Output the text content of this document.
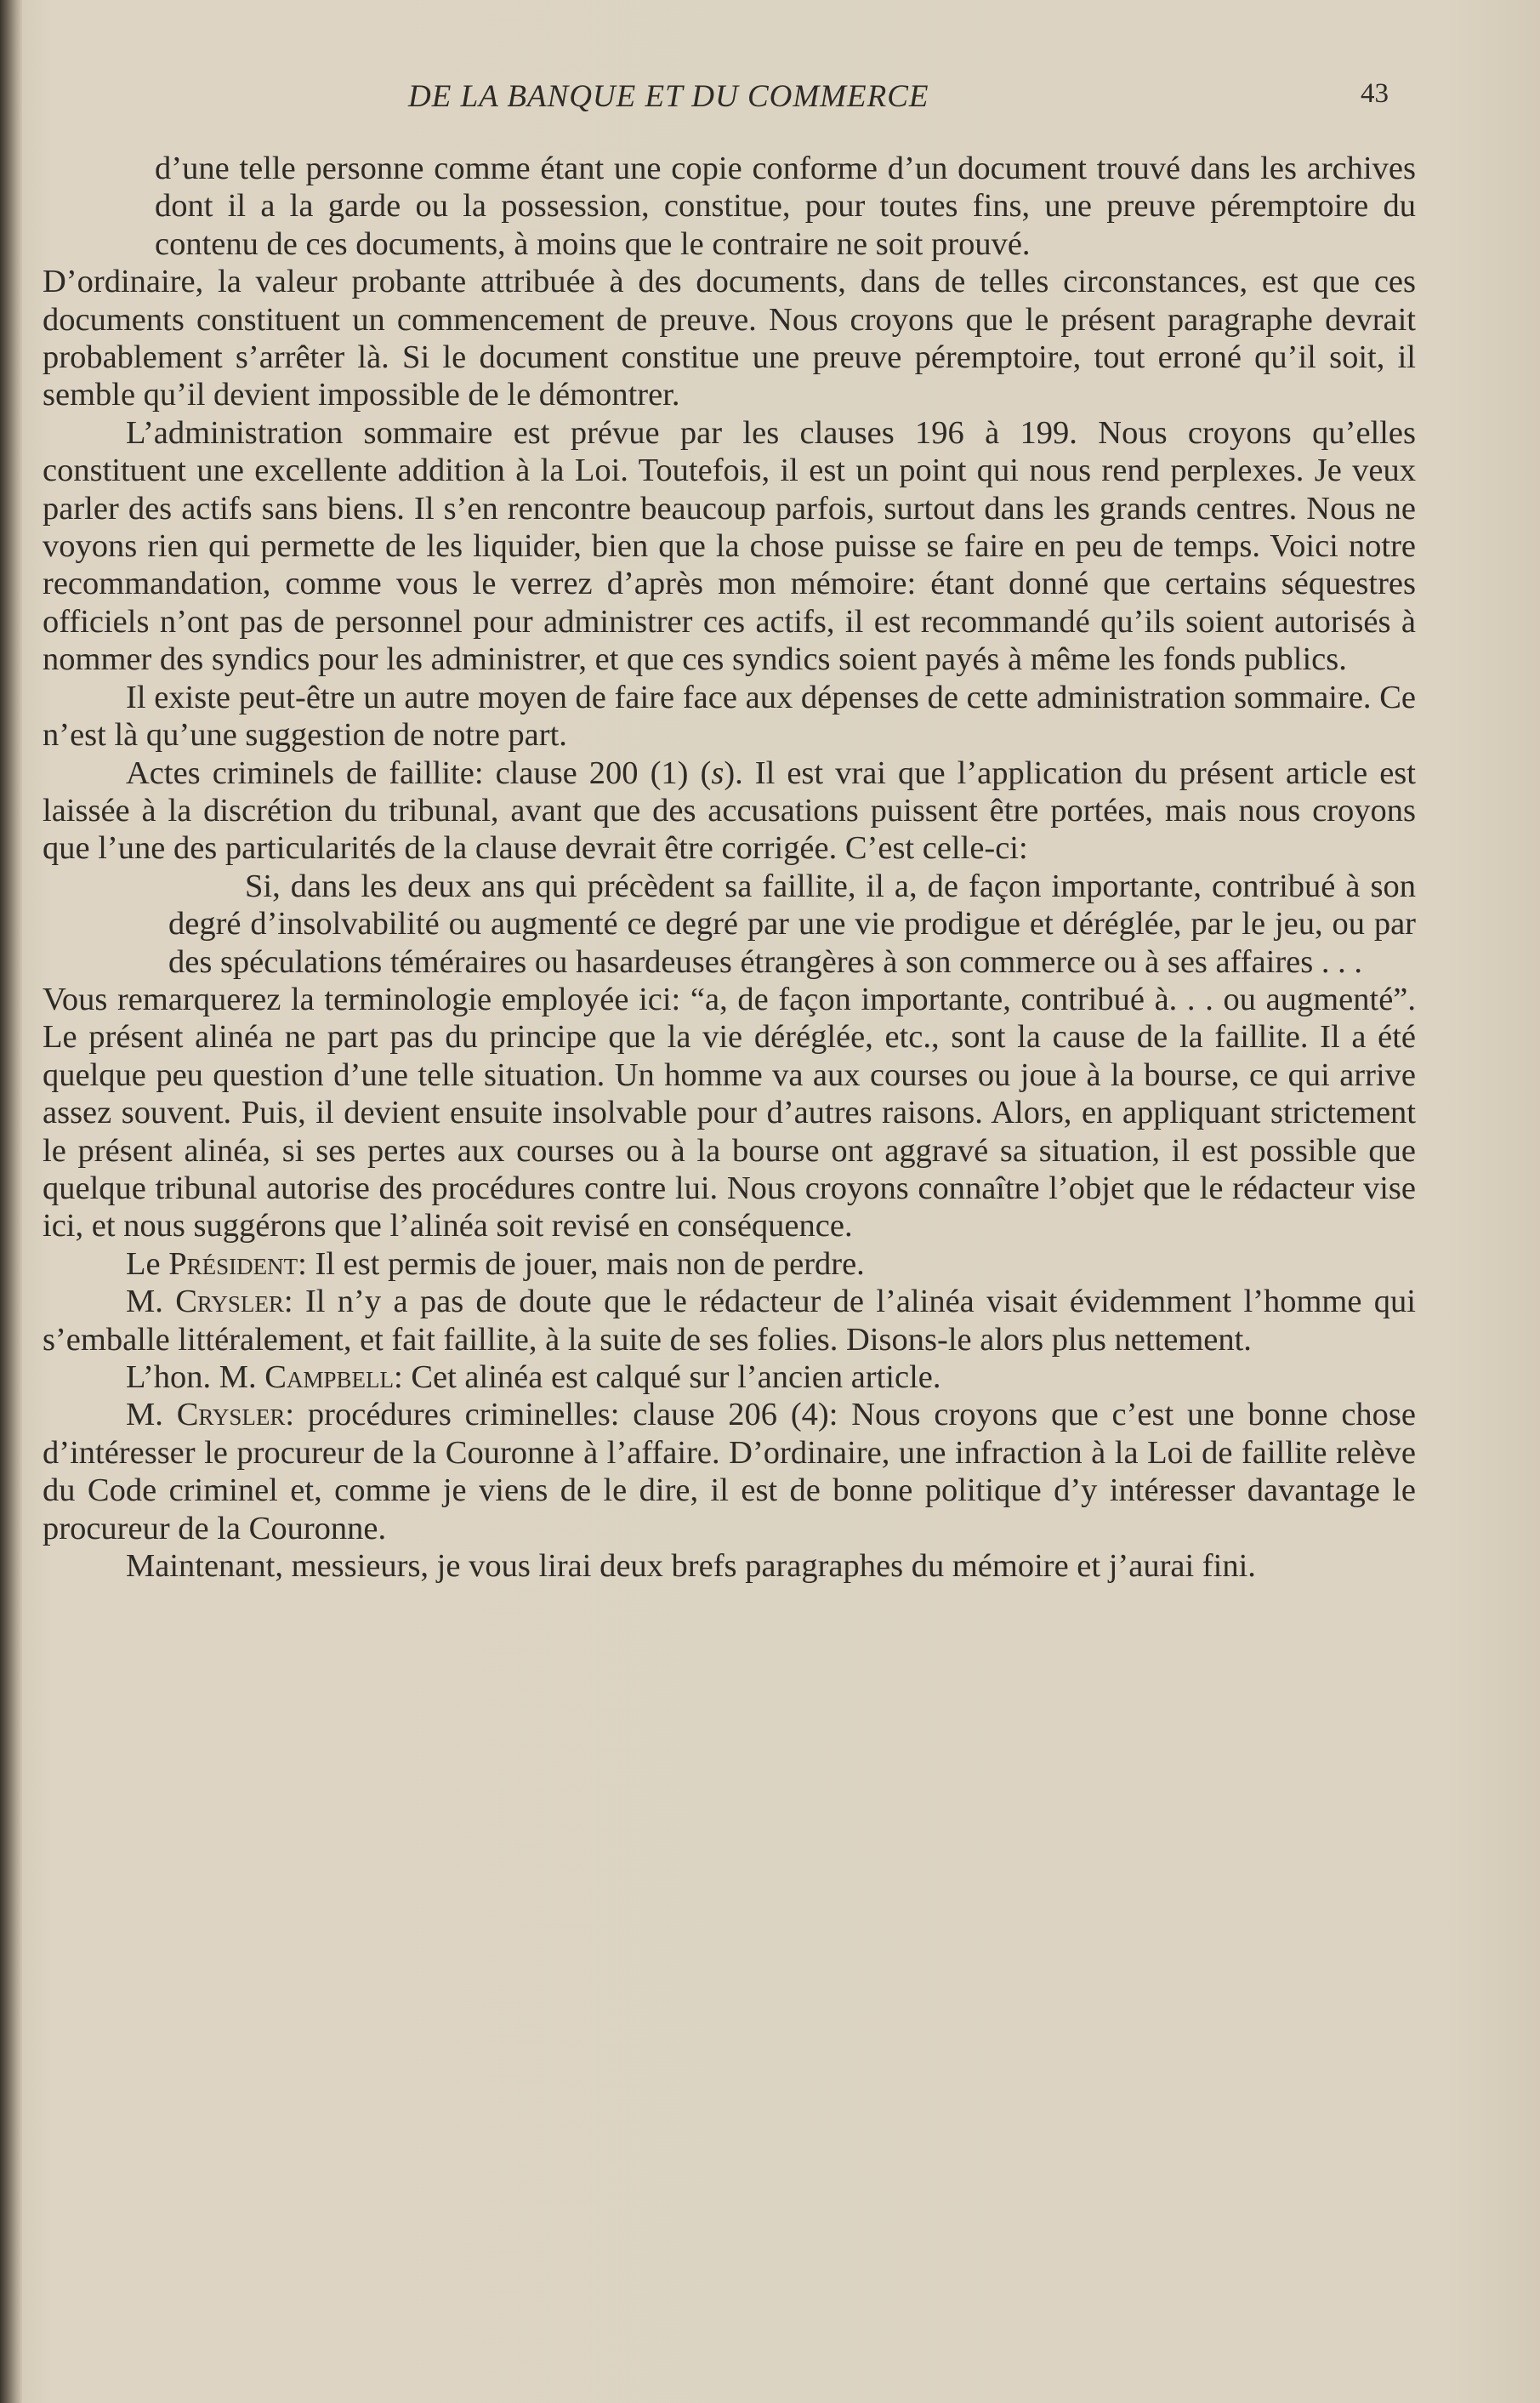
DE LA BANQUE ET DU COMMERCE	43

d’une telle personne comme étant une copie conforme d’un document trouvé dans les archives dont il a la garde ou la possession, constitue, pour toutes fins, une preuve péremptoire du contenu de ces documents, à moins que le contraire ne soit prouvé.

D’ordinaire, la valeur probante attribuée à des documents, dans de telles circonstances, est que ces documents constituent un commencement de preuve. Nous croyons que le présent paragraphe devrait probablement s’arrêter là. Si le document constitue une preuve péremptoire, tout erroné qu’il soit, il semble qu’il devient impossible de le démontrer.

L’administration sommaire est prévue par les clauses 196 à 199. Nous croyons qu’elles constituent une excellente addition à la Loi. Toutefois, il est un point qui nous rend perplexes. Je veux parler des actifs sans biens. Il s’en rencontre beaucoup parfois, surtout dans les grands centres. Nous ne voyons rien qui permette de les liquider, bien que la chose puisse se faire en peu de temps. Voici notre recommandation, comme vous le verrez d’après mon mémoire: étant donné que certains séquestres officiels n’ont pas de personnel pour administrer ces actifs, il est recommandé qu’ils soient autorisés à nommer des syndics pour les administrer, et que ces syndics soient payés à même les fonds publics.

Il existe peut-être un autre moyen de faire face aux dépenses de cette administration sommaire. Ce n’est là qu’une suggestion de notre part.

Actes criminels de faillite: clause 200 (1) (s). Il est vrai que l’application du présent article est laissée à la discrétion du tribunal, avant que des accusations puissent être portées, mais nous croyons que l’une des particularités de la clause devrait être corrigée. C’est celle-ci:

Si, dans les deux ans qui précèdent sa faillite, il a, de façon importante, contribué à son degré d’insolvabilité ou augmenté ce degré par une vie prodigue et déréglée, par le jeu, ou par des spéculations téméraires ou hasardeuses étrangères à son commerce ou à ses affaires . . .

Vous remarquerez la terminologie employée ici: “a, de façon importante, contribué à. . . ou augmenté”. Le présent alinéa ne part pas du principe que la vie déréglée, etc., sont la cause de la faillite. Il a été quelque peu question d’une telle situation. Un homme va aux courses ou joue à la bourse, ce qui arrive assez souvent. Puis, il devient ensuite insolvable pour d’autres raisons. Alors, en appliquant strictement le présent alinéa, si ses pertes aux courses ou à la bourse ont aggravé sa situation, il est possible que quelque tribunal autorise des procédures contre lui. Nous croyons connaître l’objet que le rédacteur vise ici, et nous suggérons que l’alinéa soit revisé en conséquence.

Le Président: Il est permis de jouer, mais non de perdre.

M. Crysler: Il n’y a pas de doute que le rédacteur de l’alinéa visait évidemment l’homme qui s’emballe littéralement, et fait faillite, à la suite de ses folies. Disons-le alors plus nettement.

L’hon. M. Campbell: Cet alinéa est calqué sur l’ancien article.

M. Crysler: procédures criminelles: clause 206 (4): Nous croyons que c’est une bonne chose d’intéresser le procureur de la Couronne à l’affaire. D’ordinaire, une infraction à la Loi de faillite relève du Code criminel et, comme je viens de le dire, il est de bonne politique d’y intéresser davantage le procureur de la Couronne.

Maintenant, messieurs, je vous lirai deux brefs paragraphes du mémoire et j’aurai fini.
